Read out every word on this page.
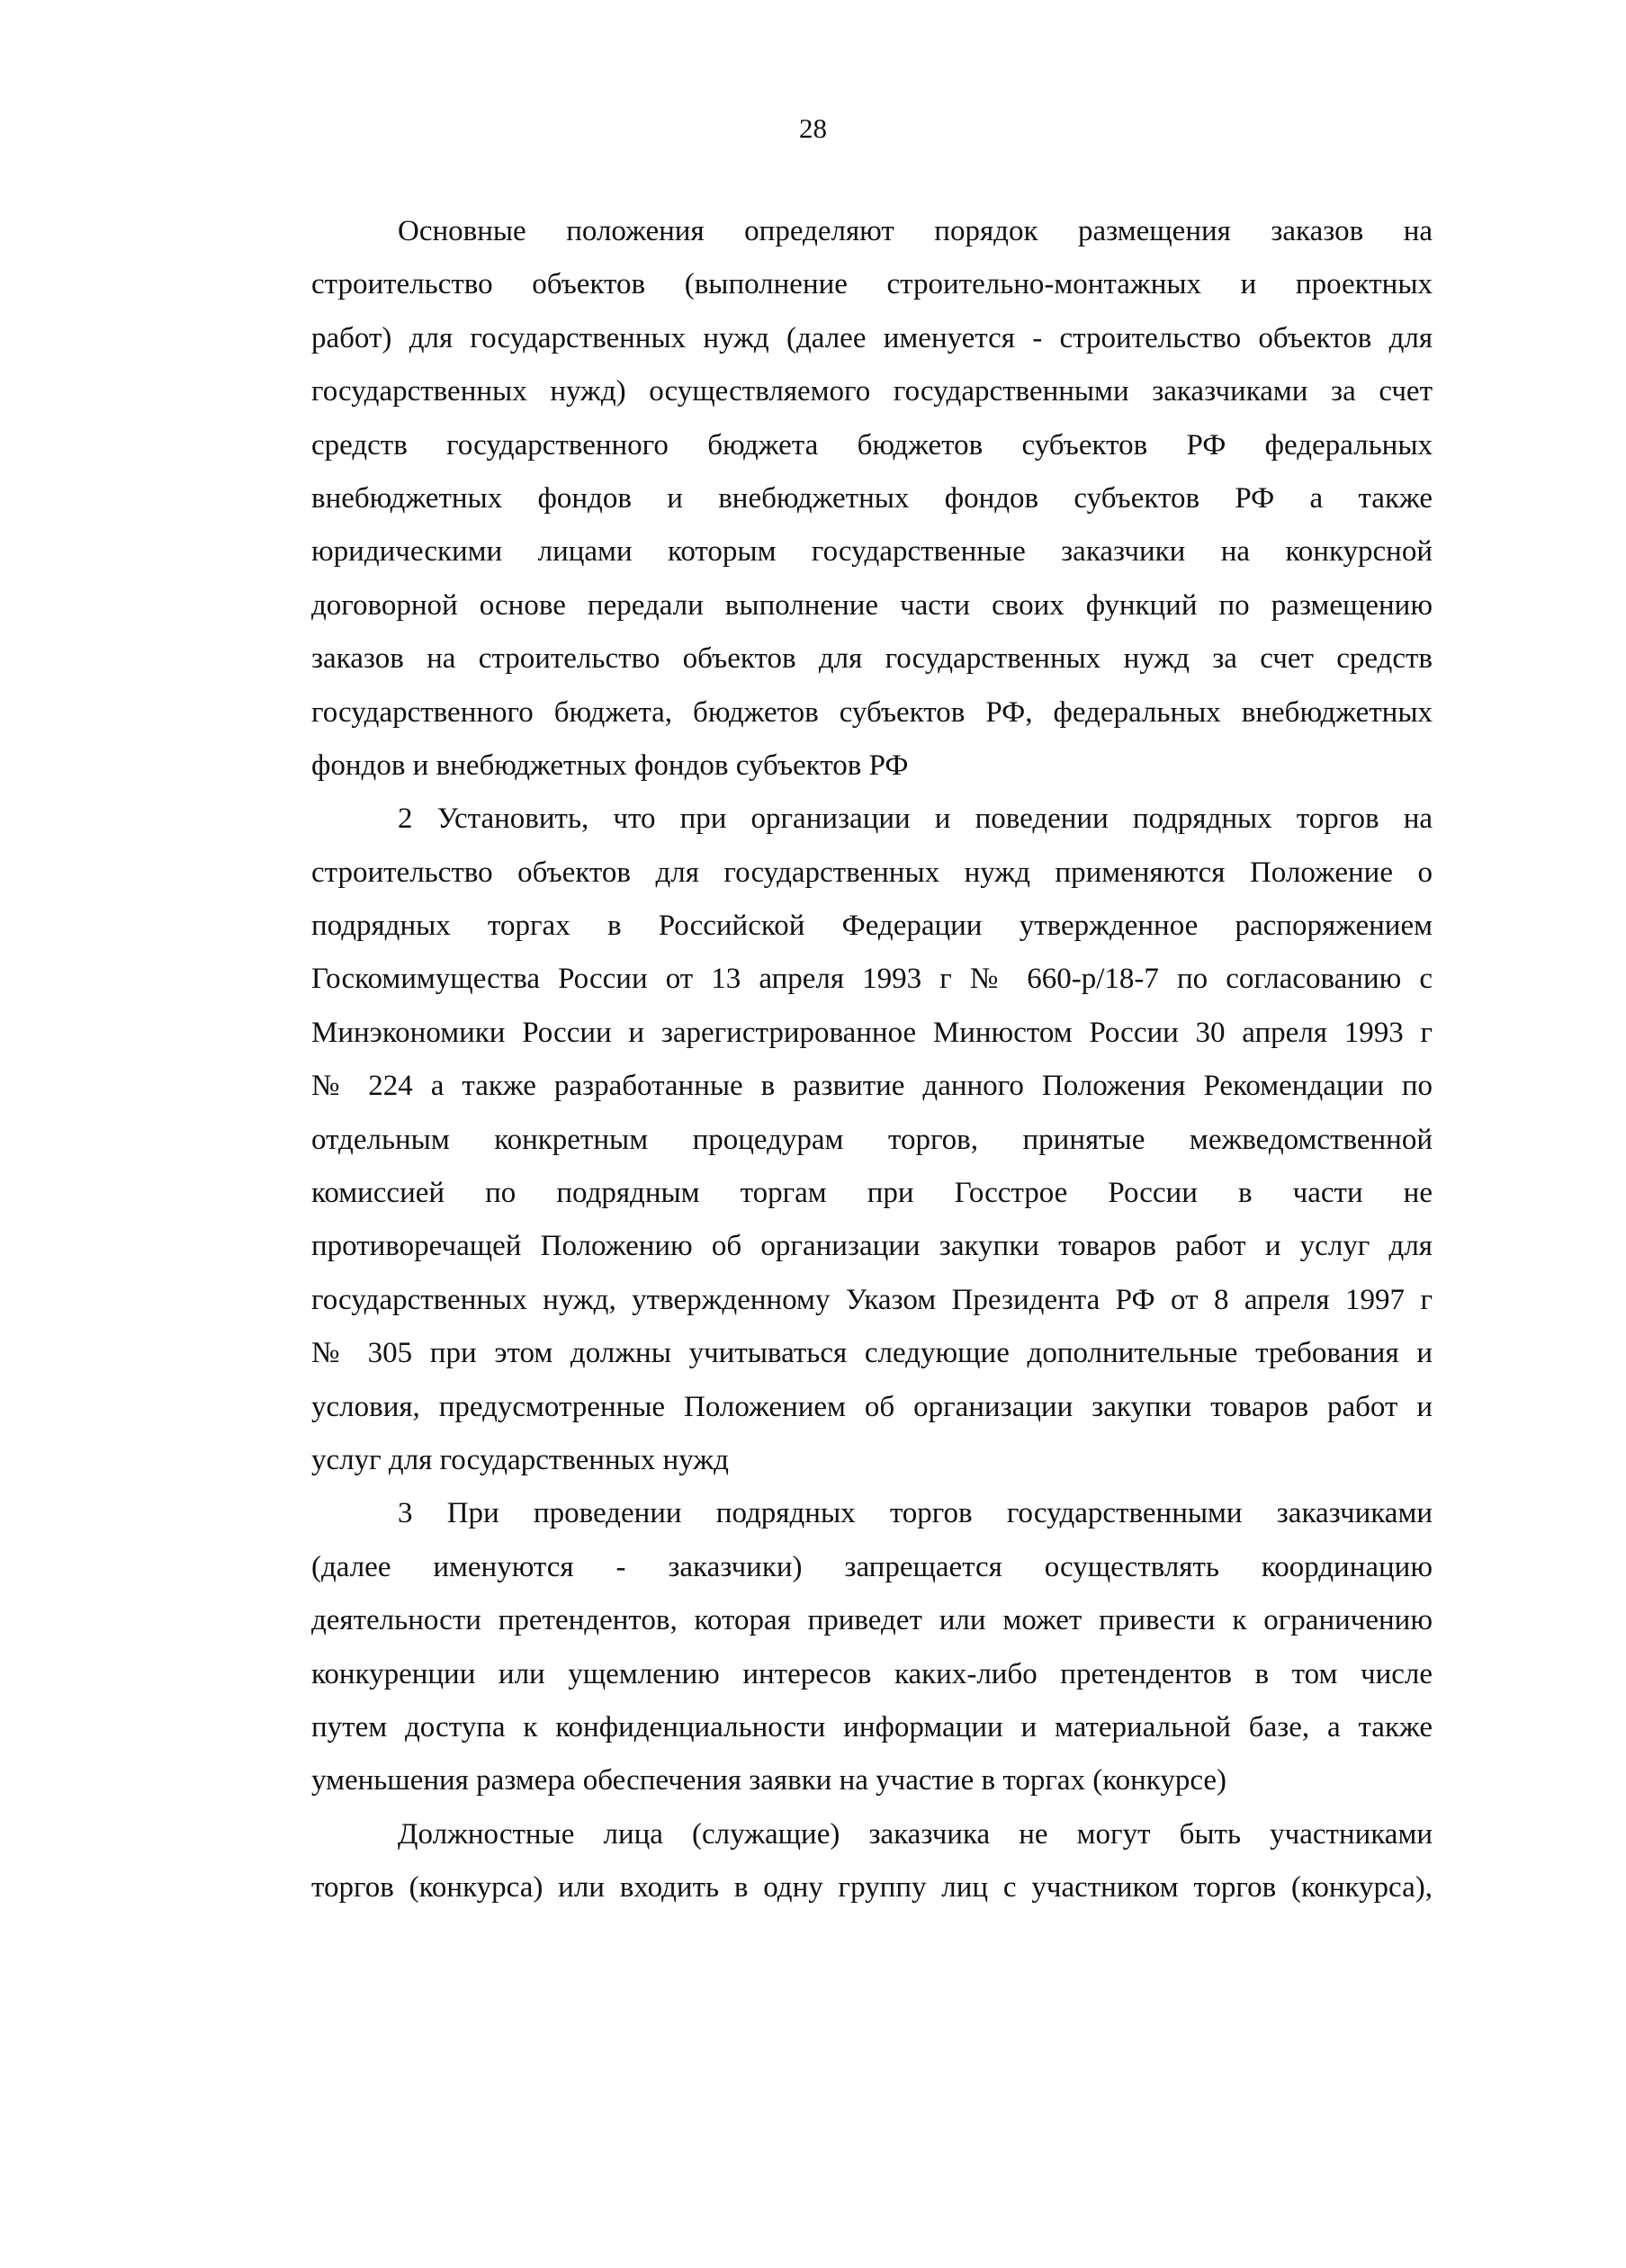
28
Основные положения определяют порядок размещения заказов на
строительство объектов (выполнение строительно-монтажных и проектных
работ) для государственных нужд (далее именуется - строительство объектов для
государственных нужд) осуществляемого государственными заказчиками за счет
средств государственного бюджета бюджетов субъектов РФ федеральных
внебюджетных фондов и внебюджетных фондов субъектов РФ а также
юридическими лицами которым государственные заказчики на конкурсной
договорной основе передали выполнение части своих функций по размещению
заказов на строительство объектов для государственных нужд за счет средств
государственного бюджета, бюджетов субъектов РФ, федеральных внебюджетных
фондов и внебюджетных фондов субъектов РФ
2 Установить, что при организации и поведении подрядных торгов на
строительство объектов для государственных нужд применяются Положение о
подрядных торгах в Российской Федерации утвержденное распоряжением
Госкомимущества России от 13 апреля 1993 г № 660-р/18-7 по согласованию с
Минэкономики России и зарегистрированное Минюстом России 30 апреля 1993 г
№ 224 а также разработанные в развитие данного Положения Рекомендации по
отдельным конкретным процедурам торгов, принятые межведомственной
комиссией по подрядным торгам при Госстрое России в части не
противоречащей Положению об организации закупки товаров работ и услуг для
государственных нужд, утвержденному Указом Президента РФ от 8 апреля 1997 г
№ 305 при этом должны учитываться следующие дополнительные требования и
условия, предусмотренные Положением об организации закупки товаров работ и
услуг для государственных нужд
3 При проведении подрядных торгов государственными заказчиками
(далее именуются - заказчики) запрещается осуществлять координацию
деятельности претендентов, которая приведет или может привести к ограничению
конкуренции или ущемлению интересов каких-либо претендентов в том числе
путем доступа к конфиденциальности информации и материальной базе, а также
уменьшения размера обеспечения заявки на участие в торгах (конкурсе)
Должностные лица (служащие) заказчика не могут быть участниками
торгов (конкурса) или входить в одну группу лиц с участником торгов (конкурса),
